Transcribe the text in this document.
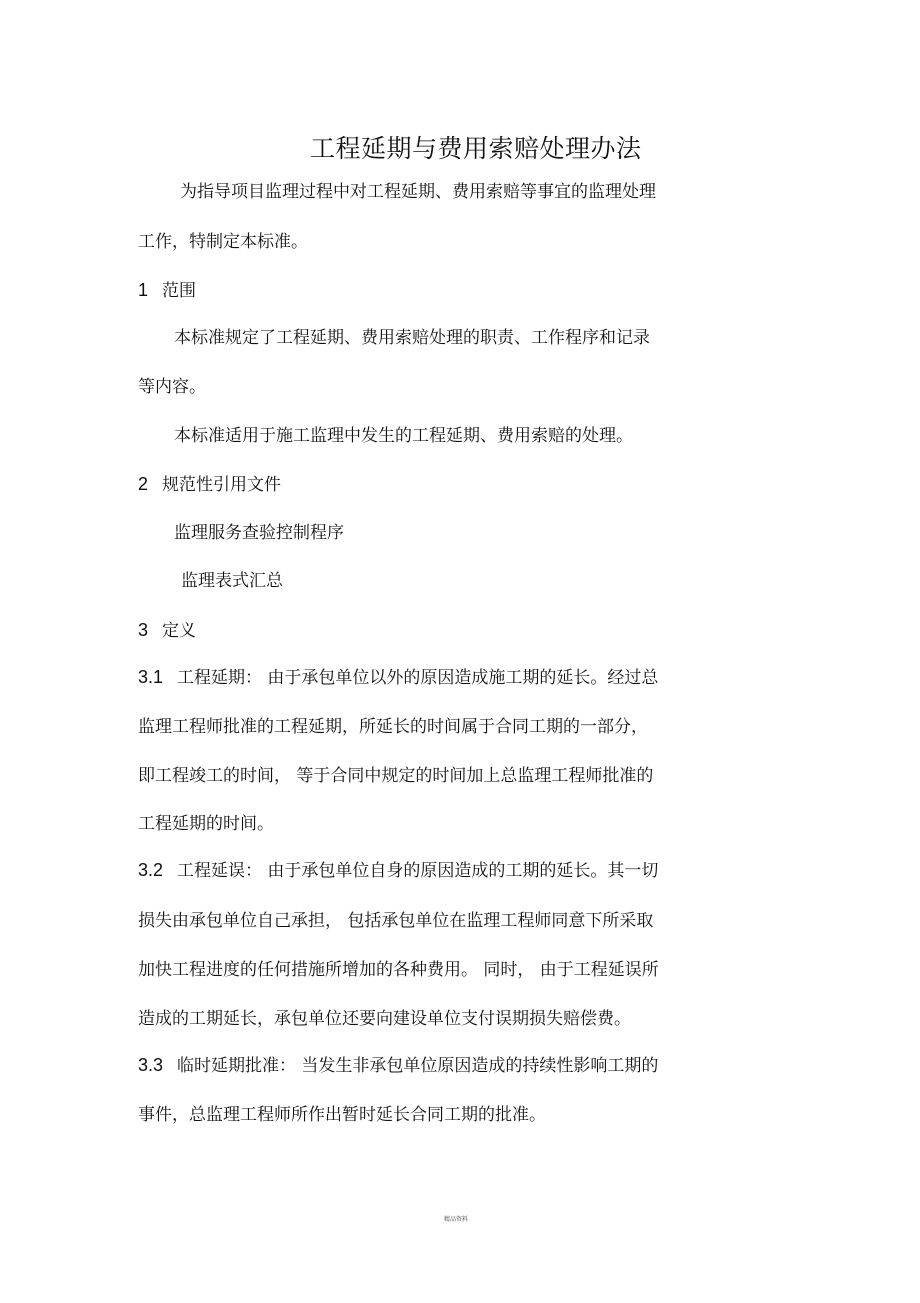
工程延期与费用索赔处理办法
为指导项目监理过程中对工程延期、费用索赔等事宜的监理处理
工作，特制定本标准。
1 范围
本标准规定了工程延期、费用索赔处理的职责、工作程序和记录
等内容。
本标准适用于施工监理中发生的工程延期、费用索赔的处理。
2 规范性引用文件
监理服务查验控制程序
监理表式汇总
3 定义
3.1 工程延期： 由于承包单位以外的原因造成施工期的延长。经过总
监理工程师批准的工程延期，所延长的时间属于合同工期的一部分，
即工程竣工的时间， 等于合同中规定的时间加上总监理工程师批准的
工程延期的时间。
3.2 工程延误： 由于承包单位自身的原因造成的工期的延长。其一切
损失由承包单位自己承担， 包括承包单位在监理工程师同意下所采取
加快工程进度的任何措施所增加的各种费用。 同时， 由于工程延误所
造成的工期延长，承包单位还要向建设单位支付误期损失赔偿费。
3.3 临时延期批准： 当发生非承包单位原因造成的持续性影响工期的
事件，总监理工程师所作出暂时延长合同工期的批准。
精品资料
